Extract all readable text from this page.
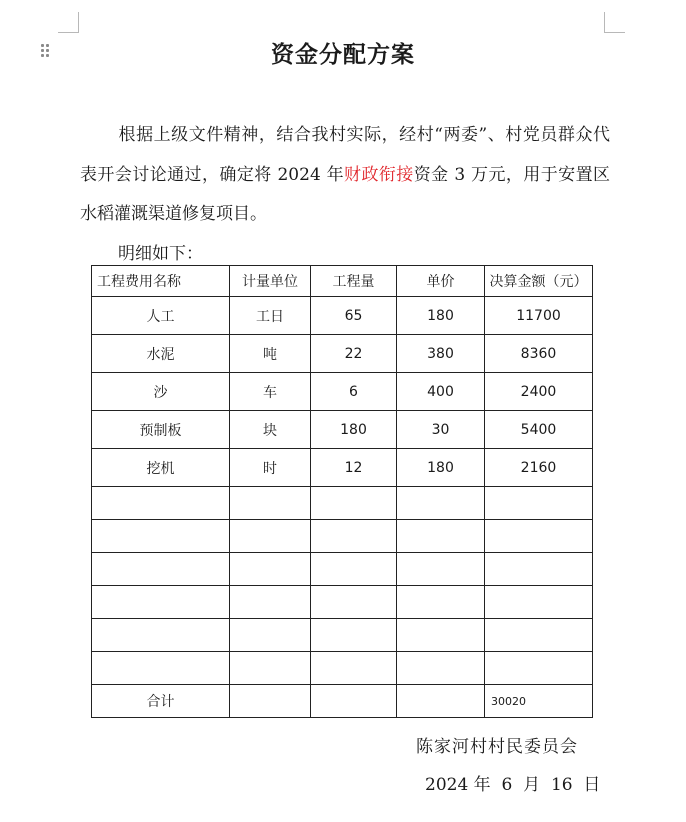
资金分配方案
根据上级文件精神，结合我村实际，经村“两委”、村党员群众代表开会讨论通过，确定将 2024 年财政衔接资金 3 万元，用于安置区水稻灌溉渠道修复项目。
明细如下：
工程费用名称	计量单位	工程量	单价	决算金额（元）
人工	工日	65	180	11700
水泥	吨	22	380	8360
沙	车	6	400	2400
预制板	块	180	30	5400
挖机	时	12	180	2160

合计				30020
陈家河村村民委员会
2024 年 6 月 16 日
